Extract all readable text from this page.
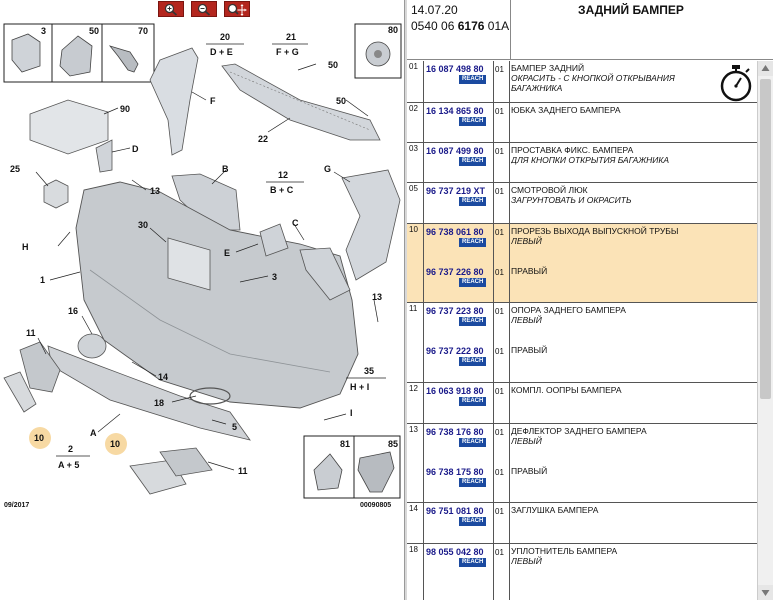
3	50	70	80
20
D + E
21
F + G
50
50
F
90
22
D
25
13
B
12
B + C
G
30
H
C
E
3
1
13
11
16
14
35
H + I
18
I
10	A
5
2
A + 5
10
11
81	85
09/2017	00090805
14.07.20
0540 06 6176 01A
ЗАДНИЙ БАМПЕР
01 16 087 498 80
REACH
01 БАМПЕР ЗАДНИЙ
ОКРАСИТЬ - С КНОПКОЙ ОТКРЫВАНИЯ
БАГАЖНИКА
02 16 134 865 80
REACH
01 ЮБКА ЗАДНЕГО БАМПЕРА
03 16 087 499 80
REACH
01 ПРОСТАВКА ФИКС. БАМПЕРА
ДЛЯ КНОПКИ ОТКРЫТИЯ БАГАЖНИКА
05 96 737 219 XT
REACH
01 СМОТРОВОЙ ЛЮК
ЗАГРУНТОВАТЬ И ОКРАСИТЬ
10 96 738 061 80
REACH
01 ПРОРЕЗЬ ВЫХОДА ВЫПУСКНОЙ ТРУБЫ
ЛЕВЫЙ
96 737 226 80
REACH
01 ПРАВЫЙ
11 96 737 223 80
REACH
01 ОПОРА ЗАДНЕГО БАМПЕРА
ЛЕВЫЙ
96 737 222 80
REACH
01 ПРАВЫЙ
12 16 063 918 80
REACH
01 КОМПЛ. ООПРЫ БАМПЕРА
13 96 738 176 80
REACH
01 ДЕФЛЕКТОР ЗАДНЕГО БАМПЕРА
ЛЕВЫЙ
96 738 175 80
REACH
01 ПРАВЫЙ
14 96 751 081 80
REACH
01 ЗАГЛУШКА БАМПЕРА
18 98 055 042 80
REACH
01 УПЛОТНИТЕЛЬ БАМПЕРА
ЛЕВЫЙ
